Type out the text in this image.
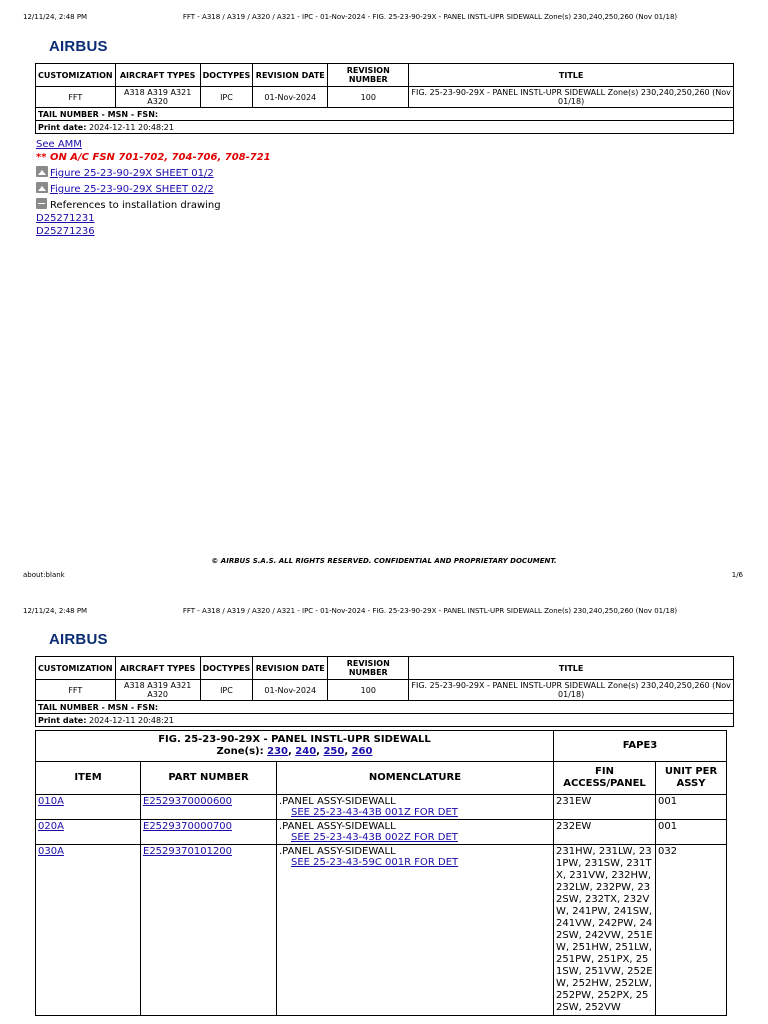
12/11/24, 2:48 PM	FFT - A318 / A319 / A320 / A321 - IPC - 01-Nov-2024 - FIG. 25-23-90-29X - PANEL INSTL-UPR SIDEWALL Zone(s) 230,240,250,260 (Nov 01/18)
AIRBUS
CUSTOMIZATION	AIRCRAFT TYPES	DOCTYPES	REVISION DATE	REVISION NUMBER	TITLE
FFT	A318 A319 A321 A320	IPC	01-Nov-2024	100	FIG. 25-23-90-29X - PANEL INSTL-UPR SIDEWALL Zone(s) 230,240,250,260 (Nov 01/18)
TAIL NUMBER - MSN - FSN:					
Print date: 2024-12-11 20:48:21					
See AMM
** ON A/C FSN 701-702, 704-706, 708-721
Figure 25-23-90-29X SHEET 01/2
Figure 25-23-90-29X SHEET 02/2
References to installation drawing
D25271231
D25271236
© AIRBUS S.A.S. ALL RIGHTS RESERVED. CONFIDENTIAL AND PROPRIETARY DOCUMENT.
about:blank	1/6
12/11/24, 2:48 PM	FFT - A318 / A319 / A320 / A321 - IPC - 01-Nov-2024 - FIG. 25-23-90-29X - PANEL INSTL-UPR SIDEWALL Zone(s) 230,240,250,260 (Nov 01/18)
AIRBUS
CUSTOMIZATION	AIRCRAFT TYPES	DOCTYPES	REVISION DATE	REVISION NUMBER	TITLE
FFT	A318 A319 A321 A320	IPC	01-Nov-2024	100	FIG. 25-23-90-29X - PANEL INSTL-UPR SIDEWALL Zone(s) 230,240,250,260 (Nov 01/18)
TAIL NUMBER - MSN - FSN:					
Print date: 2024-12-11 20:48:21					
FIG. 25-23-90-29X - PANEL INSTL-UPR SIDEWALL
Zone(s): 230, 240, 250, 260			FAPE3	
ITEM	PART NUMBER	NOMENCLATURE	FIN ACCESS/PANEL	UNIT PER ASSY
010A	E2529370000600	.PANEL ASSY-SIDEWALL
SEE 25-23-43-43B 001Z FOR DET	231EW	001
020A	E2529370000700	.PANEL ASSY-SIDEWALL
SEE 25-23-43-43B 002Z FOR DET	232EW	001
030A	E2529370101200	.PANEL ASSY-SIDEWALL
SEE 25-23-43-59C 001R FOR DET	231HW, 231LW, 231PW, 231SW, 231TX, 231VW, 232HW, 232LW, 232PW, 232SW, 232TX, 232VW, 241PW, 241SW, 241VW, 242PW, 242SW, 242VW, 251EW, 251HW, 251LW, 251PW, 251PX, 251SW, 251VW, 252EW, 252HW, 252LW, 252PW, 252PX, 252SW, 252VW	032
